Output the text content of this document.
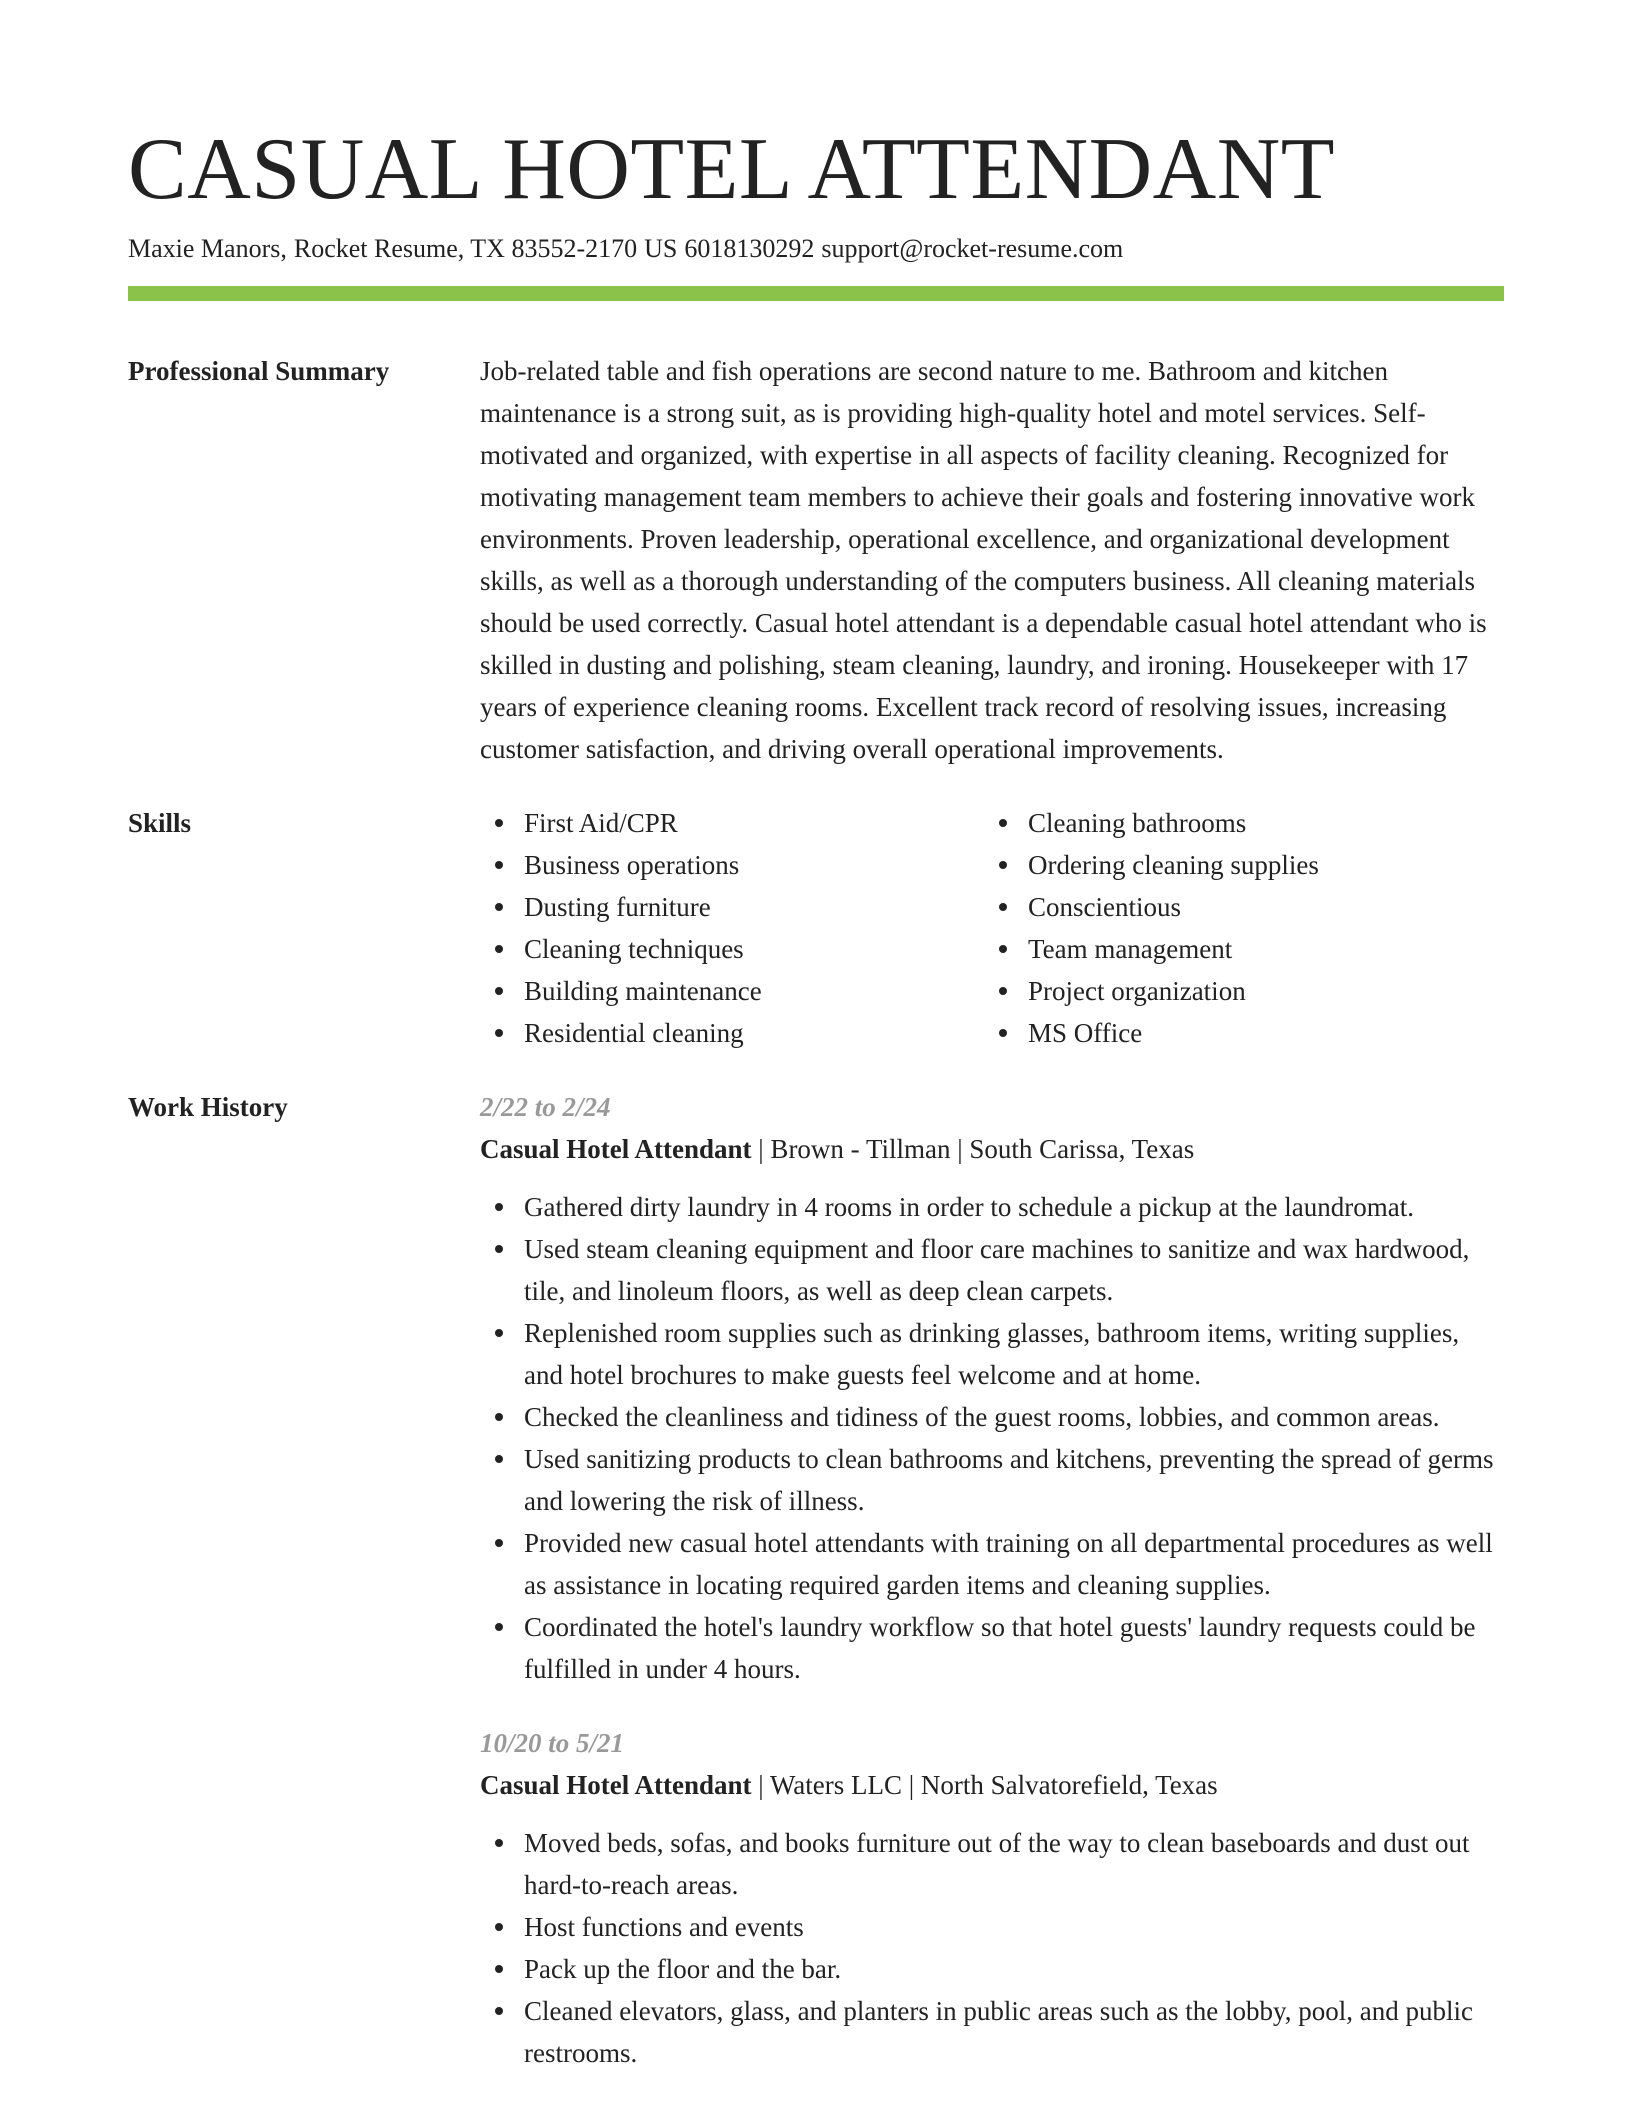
CASUAL HOTEL ATTENDANT
Maxie Manors, Rocket Resume, TX 83552-2170 US 6018130292 support@rocket-resume.com
Professional Summary	Job-related table and fish operations are second nature to me. Bathroom and kitchen maintenance is a strong suit, as is providing high-quality hotel and motel services. Self-motivated and organized, with expertise in all aspects of facility cleaning. Recognized for motivating management team members to achieve their goals and fostering innovative work environments. Proven leadership, operational excellence, and organizational development skills, as well as a thorough understanding of the computers business. All cleaning materials should be used correctly. Casual hotel attendant is a dependable casual hotel attendant who is skilled in dusting and polishing, steam cleaning, laundry, and ironing. Housekeeper with 17 years of experience cleaning rooms. Excellent track record of resolving issues, increasing customer satisfaction, and driving overall operational improvements.

Skills	First Aid/CPR
Business operations
Dusting furniture
Cleaning techniques
Building maintenance
Residential cleaning
Cleaning bathrooms
Ordering cleaning supplies
Conscientious
Team management
Project organization
MS Office
Work History	2/22 to 2/24
Casual Hotel Attendant | Brown - Tillman | South Carissa, Texas
Gathered dirty laundry in 4 rooms in order to schedule a pickup at the laundromat.
Used steam cleaning equipment and floor care machines to sanitize and wax hardwood, tile, and linoleum floors, as well as deep clean carpets.
Replenished room supplies such as drinking glasses, bathroom items, writing supplies, and hotel brochures to make guests feel welcome and at home.
Checked the cleanliness and tidiness of the guest rooms, lobbies, and common areas.
Used sanitizing products to clean bathrooms and kitchens, preventing the spread of germs and lowering the risk of illness.
Provided new casual hotel attendants with training on all departmental procedures as well as assistance in locating required garden items and cleaning supplies.
Coordinated the hotel's laundry workflow so that hotel guests' laundry requests could be fulfilled in under 4 hours.
10/20 to 5/21
Casual Hotel Attendant | Waters LLC | North Salvatorefield, Texas
Moved beds, sofas, and books furniture out of the way to clean baseboards and dust out hard-to-reach areas.
Host functions and events
Pack up the floor and the bar.
Cleaned elevators, glass, and planters in public areas such as the lobby, pool, and public restrooms.
